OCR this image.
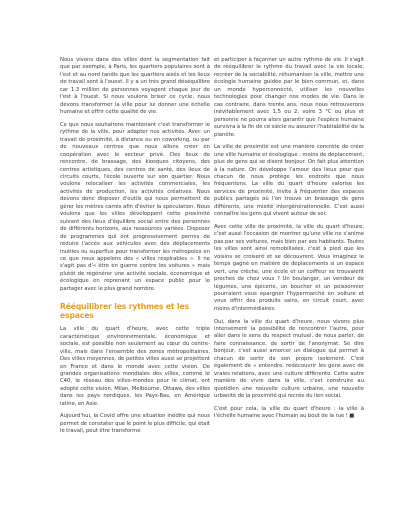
Nous vivons dans des villes dont la segmentation fait que par exemple, à Paris, les quartiers populaires sont à l'est et au nord tandis que les quartiers aisés et les lieux de travail sont à l'ouest. Il y a un très grand déséquilibre car 1,3 million de personnes voyagent chaque jour de l'est à l'ouest. Si nous voulons briser ce cycle, nous devons transformer la ville pour lui donner une échelle humaine et offrir cette qualité de vie.

Ce que nous souhaitons maintenant c'est transformer le rythme de la ville, pour adapter nos activités. Avec un travail de proximité, à distance ou en coworking, ou par de nouveaux centres que nous allons créer en coopération avec le secteur privé. Des lieux de rencontre, de brassage, des kiosques citoyens, des centres artistiques, des centres de santé, des lieux de circuits courts, l'école ouverte sur son quartier. Nous voulons relocaliser les activités commerciales, les activités de production, les activités créatives. Nous devons donc disposer d'outils qui nous permettent de gérer les mètres carrés afin d'éviter la spéculation. Nous voulons que les villes développent cette proximité suivant des lieux d'équilibre social entre des personnes de différents horizons, aux ressources variées. Disposer de programmes qui ont progressivement permis de réduire l'accès aux véhicules avec des déplacements inutiles ou superflus pour transformer les métropoles en ce que nous appelons des « villes respirables ». Il ne s'agit pas d'« être en guerre contre les voitures » mais plutôt de régénérer une activité sociale, économique et écologique en reprenant un espace public pour le partager avec le plus grand nombre.

Rééquilibrer les rythmes et les espaces

La ville du quart d'heure, avec cette triple caractéristique environnementale, économique et sociale, est possible non seulement au cœur du centre-ville, mais dans l'ensemble des zones métropolitaines. Des villes moyennes, de petites villes aussi se projettent en France et dans le monde avec cette vision. De grandes organisations mondiales des villes, comme le C40, le réseau des villes-mondes pour le climat, ont adopté cette vision. Milan, Melbourne, Ottawa, des villes dans les pays nordiques, les Pays-Bas, en Amérique latine, en Asie.

Aujourd'hui, la Covid offre une situation inédite qui nous permet de constater que le point le plus difficile, qui était le travail, peut être transformé

et participer à façonner un autre rythme de vie. Il s'agit de rééquilibrer le rythme du travail avec la vie locale, recréer de la sociabilité, réhumaniser la ville, mettre une écologie humaine guidée par le bien commun, et, dans un monde hyperconnecté, utiliser les nouvelles technologies pour changer nos modes de vie. Dans le cas contraire, dans trente ans, nous nous retrouverons inévitablement avec 1,5 ou 2, voire 3 °C ou plus et personne ne pourra alors garantir que l'espèce humaine survivra à la fin de ce siècle ou assurer l'habitabilité de la planète.

La ville de proximité est une manière concrète de créer une ville humaine et écologique : moins de déplacement, plus de gens qui se disent bonjour. On fait plus attention à la nature. On développe l'amour des lieux pour que chacun de nous protège les endroits que nous fréquentons. La ville du quart d'heure valorise les services de proximité, invite à fréquenter des espaces publics partagés où l'on trouve un brassage de gens différents, une mixité intergénérationnelle. C'est aussi connaître les gens qui vivent autour de soi.

Avec cette ville de proximité, la ville du quart d'heure, c'est aussi l'occasion de montrer qu'une ville ne s'anime pas par ses voitures, mais bien par ses habitants. Toutes les villes sont ainsi remobilisées, c'est à pied que les voisins se croisent et se découvrent. Vous imaginez le temps gagné en matière de déplacements si un espace vert, une crèche, une école et un coiffeur se trouvaient proches de chez vous ? Un boulanger, un vendeur de légumes, une épicerie, un boucher et un poissonnier pourraient vous épargner l'hypermarché en voiture et vous offrir des produits sains, en circuit court, avec moins d'intermédiaires.

Oui, dans la ville du quart d'heure, nous vivons plus intensément la possibilité de rencontrer l'autre, pour aller dans le sens du respect mutuel, de nous parler, de faire connaissance, de sortir de l'anonymat. Se dire bonjour, c'est aussi amorcer un dialogue qui permet à chacun de sortir de son propre isolement. C'est également de « entendre, redécouvrir les gens avec de vraies relations, avec une culture différente. Cette autre manière de vivre dans la ville, c'est construire au quotidien une nouvelle culture urbaine, une nouvelle urbanité de la proximité qui recrée du lien social.

C'est pour cela, la ville du quart d'heure : la ville à l'échelle humaine avec l'humain au bout de la rue ! ■
